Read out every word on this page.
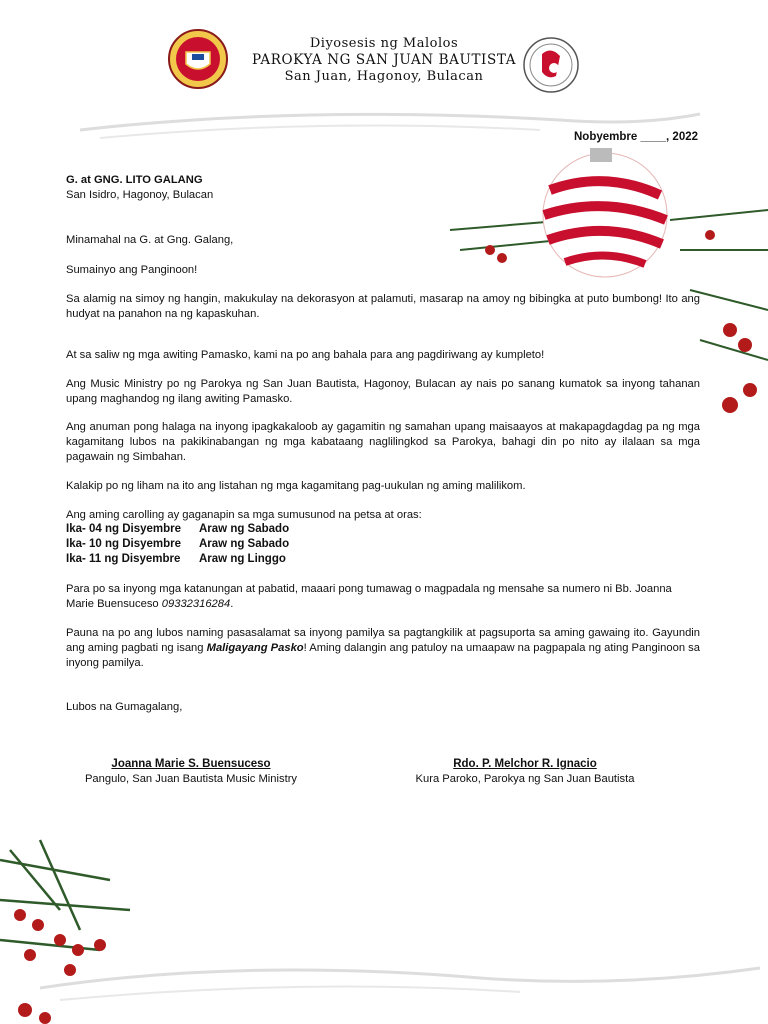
Diyosesis ng Malolos
PAROKYA NG SAN JUAN BAUTISTA
San Juan, Hagonoy, Bulacan
Nobyembre ____, 2022
G. at GNG. LITO GALANG
San Isidro, Hagonoy, Bulacan
Minamahal na G. at Gng. Galang,
Sumainyo ang Panginoon!
Sa alamig na simoy ng hangin, makukulay na dekorasyon at palamuti, masarap na amoy ng bibingka at puto bumbong! Ito ang hudyat na panahon na ng kapaskuhan.
At sa saliw ng mga awiting Pamasko, kami na po ang bahala para ang pagdiriwang ay kumpleto!
Ang Music Ministry po ng Parokya ng San Juan Bautista, Hagonoy, Bulacan ay nais po sanang kumatok sa inyong tahanan upang maghandog ng ilang awiting Pamasko.
Ang anuman pong halaga na inyong ipagkakaloob ay gagamitin ng samahan upang maisaayos at makapagdagdag pa ng mga kagamitang lubos na pakikinabangan ng mga kabataang naglilingkod sa Parokya, bahagi din po nito ay ilalaan sa mga pagawain ng Simbahan.
Kalakip po ng liham na ito ang listahan ng mga kagamitang pag-uukulan ng aming malilikom.
Ang aming carolling ay gaganapin sa mga sumusunod na petsa at oras:
Ika- 04 ng Disyembre Araw ng Sabado
Ika- 10 ng Disyembre Araw ng Sabado
Ika- 11 ng Disyembre Araw ng Linggo
Para po sa inyong mga katanungan at pabatid, maaari pong tumawag o magpadala ng mensahe sa numero ni Bb. Joanna Marie Buensuceso 09332316284.
Pauna na po ang lubos naming pasasalamat sa inyong pamilya sa pagtangkilik at pagsuporta sa aming gawaing ito. Gayundin ang aming pagbati ng isang Maligayang Pasko! Aming dalangin ang patuloy na umaapaw na pagpapala ng ating Panginoon sa inyong pamilya.
Lubos na Gumagalang,
Joanna Marie S. Buensuceso
Pangulo, San Juan Bautista Music Ministry
Rdo. P. Melchor R. Ignacio
Kura Paroko, Parokya ng San Juan Bautista
